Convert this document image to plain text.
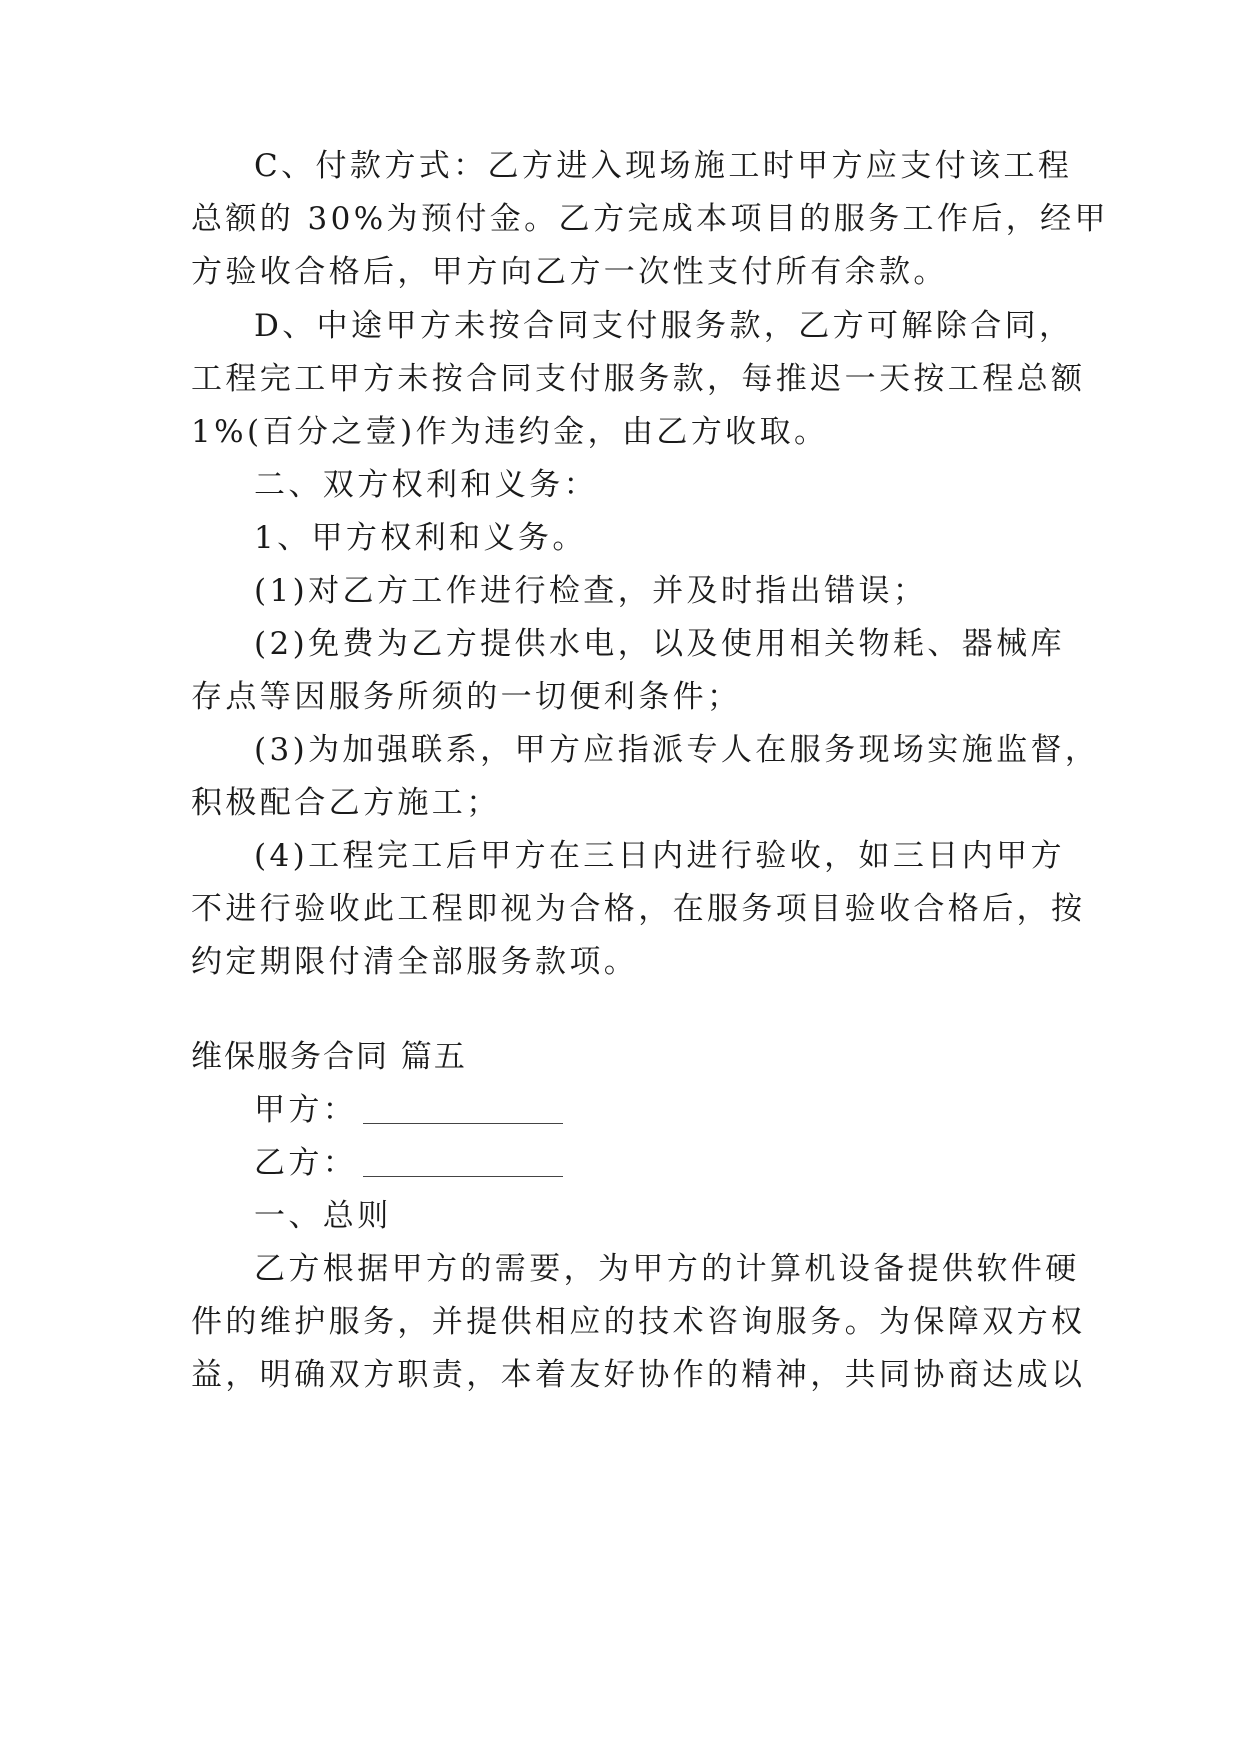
C、付款方式：乙方进入现场施工时甲方应支付该工程
总额的 30%为预付金。乙方完成本项目的服务工作后，经甲
方验收合格后，甲方向乙方一次性支付所有余款。
D、中途甲方未按合同支付服务款，乙方可解除合同，
工程完工甲方未按合同支付服务款，每推迟一天按工程总额
1%(百分之壹)作为违约金，由乙方收取。
二、双方权利和义务：
1、甲方权利和义务。
(1)对乙方工作进行检查，并及时指出错误；
(2)免费为乙方提供水电，以及使用相关物耗、器械库
存点等因服务所须的一切便利条件；
(3)为加强联系，甲方应指派专人在服务现场实施监督，
积极配合乙方施工；
(4)工程完工后甲方在三日内进行验收，如三日内甲方
不进行验收此工程即视为合格，在服务项目验收合格后，按
约定期限付清全部服务款项。
维保服务合同 篇五
甲方：
乙方：
一、总则
乙方根据甲方的需要，为甲方的计算机设备提供软件硬
件的维护服务，并提供相应的技术咨询服务。为保障双方权
益，明确双方职责，本着友好协作的精神，共同协商达成以
